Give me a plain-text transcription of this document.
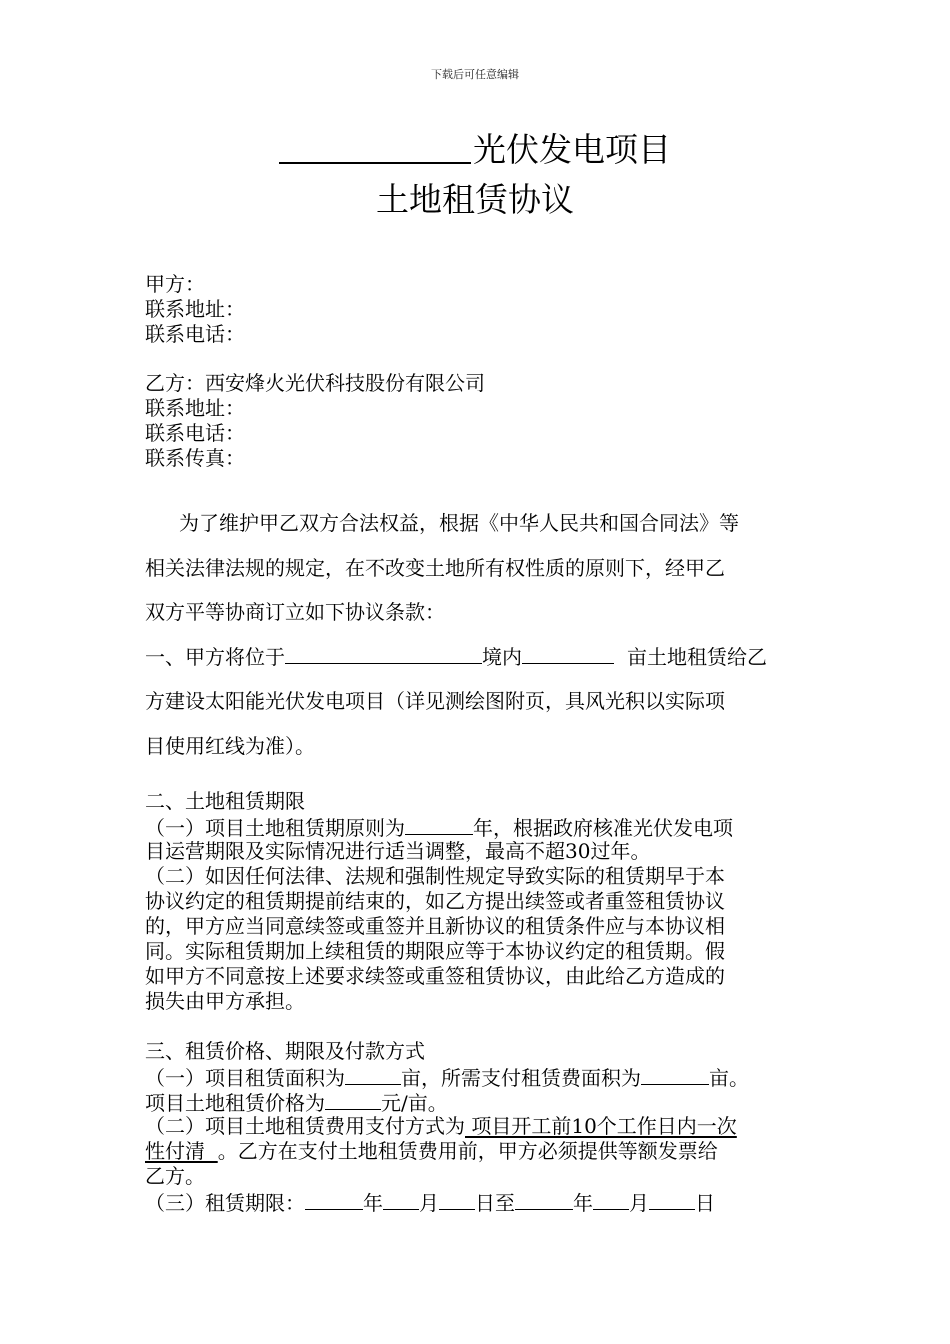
下载后可任意编辑
光伏发电项目
土地租赁协议
甲方：
联系地址：
联系电话：
乙方：西安烽火光伏科技股份有限公司
联系地址：
联系电话：
联系传真：
为了维护甲乙双方合法权益，根据《中华人民共和国合同法》等
相关法律法规的规定，在不改变土地所有权性质的原则下，经甲乙
双方平等协商订立如下协议条款：
一、甲方将位于	境内	亩土地租赁给乙
方建设太阳能光伏发电项目（详见测绘图附页，具风光积以实际项
目使用红线为准）。
二、土地租赁期限
（一）项目土地租赁期原则为	年，根据政府核准光伏发电项
目运营期限及实际情况进行适当调整，最高不超30过年。
（二）如因任何法律、法规和强制性规定导致实际的租赁期早于本
协议约定的租赁期提前结束的，如乙方提出续签或者重签租赁协议
的，甲方应当同意续签或重签并且新协议的租赁条件应与本协议相
同。实际租赁期加上续租赁的期限应等于本协议约定的租赁期。假
如甲方不同意按上述要求续签或重签租赁协议，由此给乙方造成的
损失由甲方承担。
三、租赁价格、期限及付款方式
（一）项目租赁面积为	亩，所需支付租赁费面积为	亩。
项目土地租赁价格为	元/亩。
（二）项目土地租赁费用支付方式为 项目开工前10个工作日内一次
性付清  。乙方在支付土地租赁费用前，甲方必须提供等额发票给
乙方。
（三）租赁期限：	年 月 日至	年 月 日
